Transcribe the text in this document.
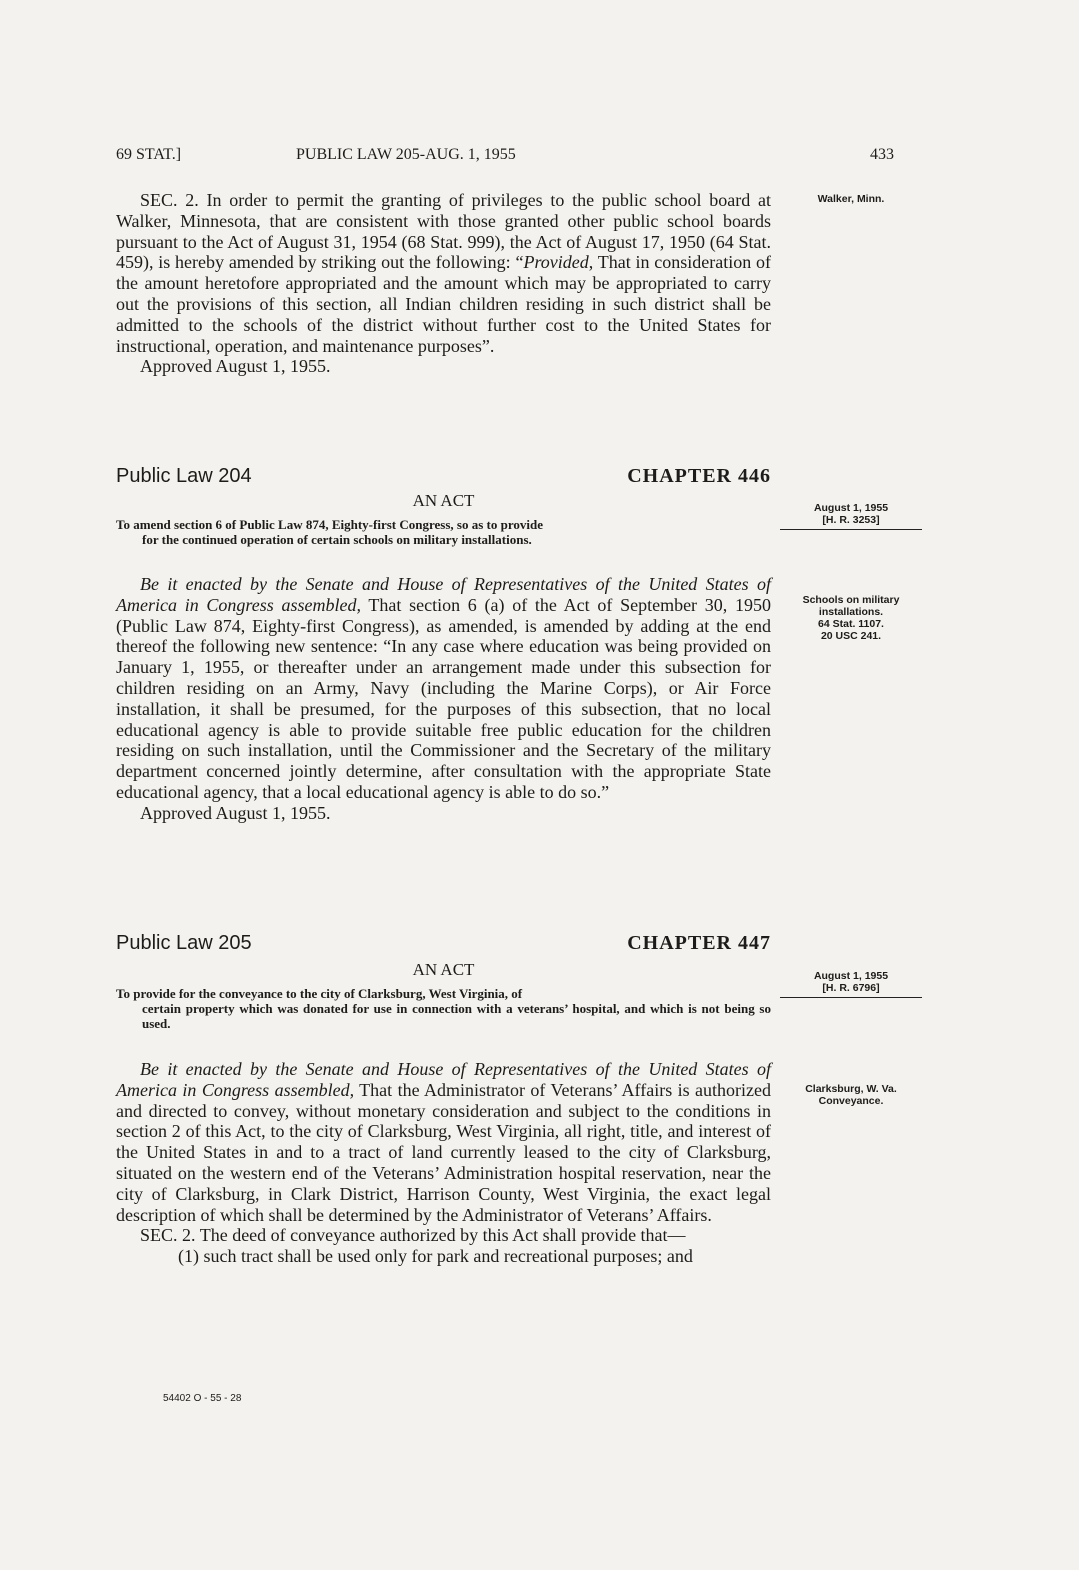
69 STAT.]	PUBLIC LAW 205-AUG. 1, 1955	433

SEC. 2. In order to permit the granting of privileges to the public school board at Walker, Minnesota, that are consistent with those granted other public school boards pursuant to the Act of August 31, 1954 (68 Stat. 999), the Act of August 17, 1950 (64 Stat. 459), is hereby amended by striking out the following: “Provided, That in consideration of the amount heretofore appropriated and the amount which may be appropriated to carry out the provisions of this section, all Indian children residing in such district shall be admitted to the schools of the district without further cost to the United States for instructional, operation, and maintenance purposes”.

Approved August 1, 1955.

Walker, Minn.
Public Law 204	CHAPTER 446
AN ACT
To amend section 6 of Public Law 874, Eighty-first Congress, so as to provide
for the continued operation of certain schools on military installations.
August 1, 1955
[H. R. 3253]

Be it enacted by the Senate and House of Representatives of the United States of America in Congress assembled, That section 6 (a) of the Act of September 30, 1950 (Public Law 874, Eighty-first Congress), as amended, is amended by adding at the end thereof the following new sentence: “In any case where education was being provided on January 1, 1955, or thereafter under an arrangement made under this subsection for children residing on an Army, Navy (including the Marine Corps), or Air Force installation, it shall be presumed, for the purposes of this subsection, that no local educational agency is able to provide suitable free public education for the children residing on such installation, until the Commissioner and the Secretary of the military department concerned jointly determine, after consultation with the appropriate State educational agency, that a local educational agency is able to do so.”

Approved August 1, 1955.

Schools on military installations.
64 Stat. 1107.
20 USC 241.
Public Law 205	CHAPTER 447
AN ACT
To provide for the conveyance to the city of Clarksburg, West Virginia, of
certain property which was donated for use in connection with a veterans’ hospital, and which is not being so used.
August 1, 1955
[H. R. 6796]

Be it enacted by the Senate and House of Representatives of the United States of America in Congress assembled, That the Administrator of Veterans’ Affairs is authorized and directed to convey, without monetary consideration and subject to the conditions in section 2 of this Act, to the city of Clarksburg, West Virginia, all right, title, and interest of the United States in and to a tract of land currently leased to the city of Clarksburg, situated on the western end of the Veterans’ Administration hospital reservation, near the city of Clarksburg, in Clark District, Harrison County, West Virginia, the exact legal description of which shall be determined by the Administrator of Veterans’ Affairs.

SEC. 2. The deed of conveyance authorized by this Act shall provide that—

(1) such tract shall be used only for park and recreational purposes; and

Clarksburg, W. Va.
Conveyance.
54402 O - 55 - 28
